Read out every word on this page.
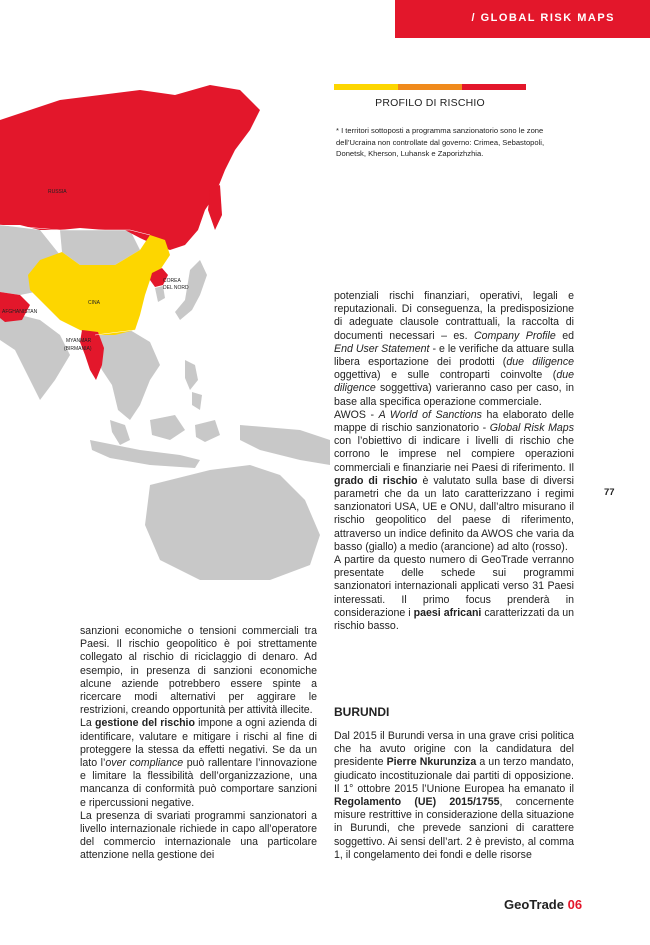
/ GLOBAL RISK MAPS
RUSSIA
COREA
DEL NORD
CINA
AFGHANISTAN
MYANMAR
(BIRMANIA)
PROFILO DI RISCHIO
* I territori sottoposti a programma sanzionatorio sono le zone dell’Ucraina non controllate dal governo: Crimea, Sebastopoli, Donetsk, Kherson, Luhansk e Zaporizhzhia.

sanzioni economiche o tensioni commerciali tra Paesi. Il rischio geopolitico è poi strettamente collegato al rischio di riciclaggio di denaro. Ad esempio, in presenza di sanzioni economiche alcune aziende potrebbero essere spinte a ricercare modi alternativi per aggirare le restrizioni, creando opportunità per attività illecite.

La gestione del rischio impone a ogni azienda di identificare, valutare e mitigare i rischi al fine di proteggere la stessa da effetti negativi. Se da un lato l’over compliance può rallentare l’innovazione e limitare la flessibilità dell’organizzazione, una mancanza di conformità può comportare sanzioni e ripercussioni negative.

La presenza di svariati programmi sanzionatori a livello internazionale richiede in capo all’operatore del commercio internazionale una particolare attenzione nella gestione dei

potenziali rischi finanziari, operativi, legali e reputazionali. Di conseguenza, la predisposizione di adeguate clausole contrattuali, la raccolta di documenti necessari – es. Company Profile ed End User Statement - e le verifiche da attuare sulla libera esportazione dei prodotti (due diligence oggettiva) e sulle controparti coinvolte (due diligence soggettiva) varieranno caso per caso, in base alla specifica operazione commerciale.

AWOS - A World of Sanctions ha elaborato delle mappe di rischio sanzionatorio - Global Risk Maps con l’obiettivo di indicare i livelli di rischio che corrono le imprese nel compiere operazioni commerciali e finanziarie nei Paesi di riferimento. Il grado di rischio è valutato sulla base di diversi parametri che da un lato caratterizzano i regimi sanzionatori USA, UE e ONU, dall’altro misurano il rischio geopolitico del paese di riferimento, attraverso un indice definito da AWOS che varia da basso (giallo) a medio (arancione) ad alto (rosso).

A partire da questo numero di GeoTrade verranno presentate delle schede sui programmi sanzionatori internazionali applicati verso 31 Paesi interessati. Il primo focus prenderà in considerazione i paesi africani caratterizzati da un rischio basso.

BURUNDI

Dal 2015 il Burundi versa in una grave crisi politica che ha avuto origine con la candidatura del presidente Pierre Nkurunziza a un terzo mandato, giudicato incostituzionale dai partiti di opposizione. Il 1° ottobre 2015 l’Unione Europea ha emanato il Regolamento (UE) 2015/1755, concernente misure restrittive in considerazione della situazione in Burundi, che prevede sanzioni di carattere soggettivo. Ai sensi dell’art. 2 è previsto, al comma 1, il congelamento dei fondi e delle risorse

77
GeoTrade 06
